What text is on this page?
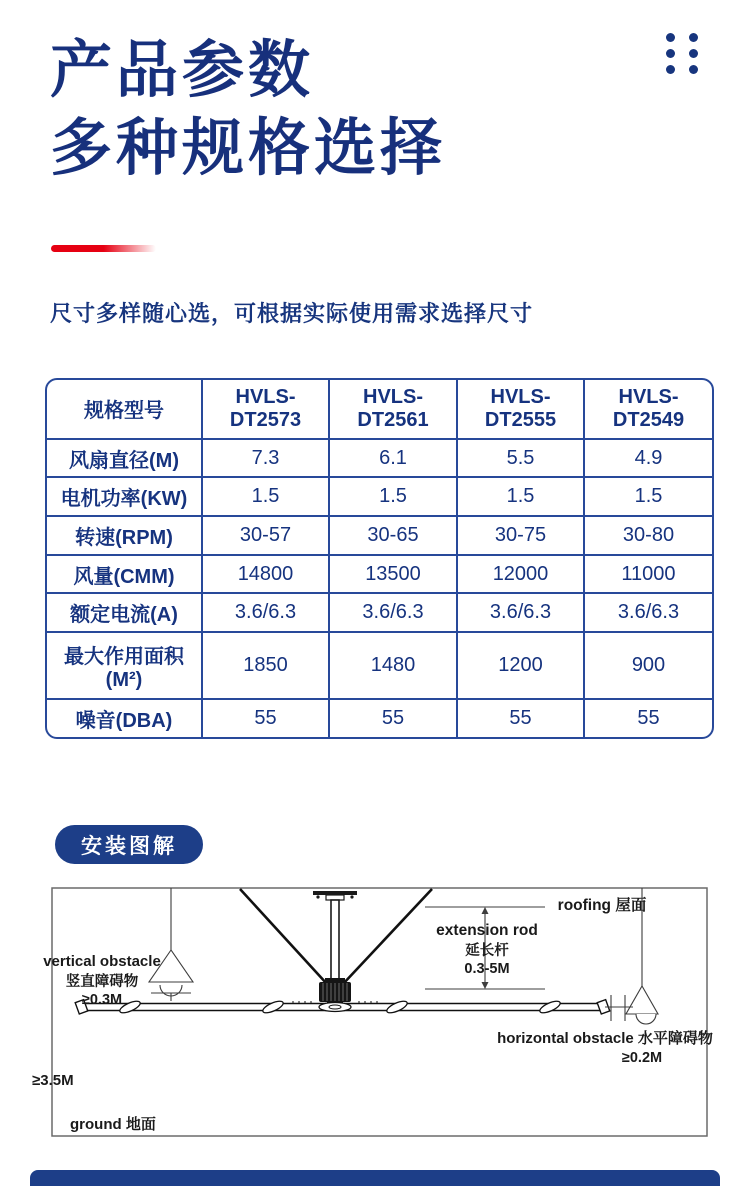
产品参数
多种规格选择
尺寸多样随心选，可根据实际使用需求选择尺寸
规格型号	HVLS-DT2573	HVLS-DT2561	HVLS-DT2555	HVLS-DT2549
风扇直径(M)	7.3	6.1	5.5	4.9
电机功率(KW)	1.5	1.5	1.5	1.5
转速(RPM)	30-57	30-65	30-75	30-80
风量(CMM)	14800	13500	12000	11000
额定电流(A)	3.6/6.3	3.6/6.3	3.6/6.3	3.6/6.3
最大作用面积(M²)	1850	1480	1200	900
噪音(DBA)	55	55	55	55
安装图解
vertical obstacle
竖直障碍物
≥0.3M
extension rod
延长杆
0.3-5M
roofing 屋面
horizontal obstacle 水平障碍物
≥0.2M
≥3.5M
ground 地面
